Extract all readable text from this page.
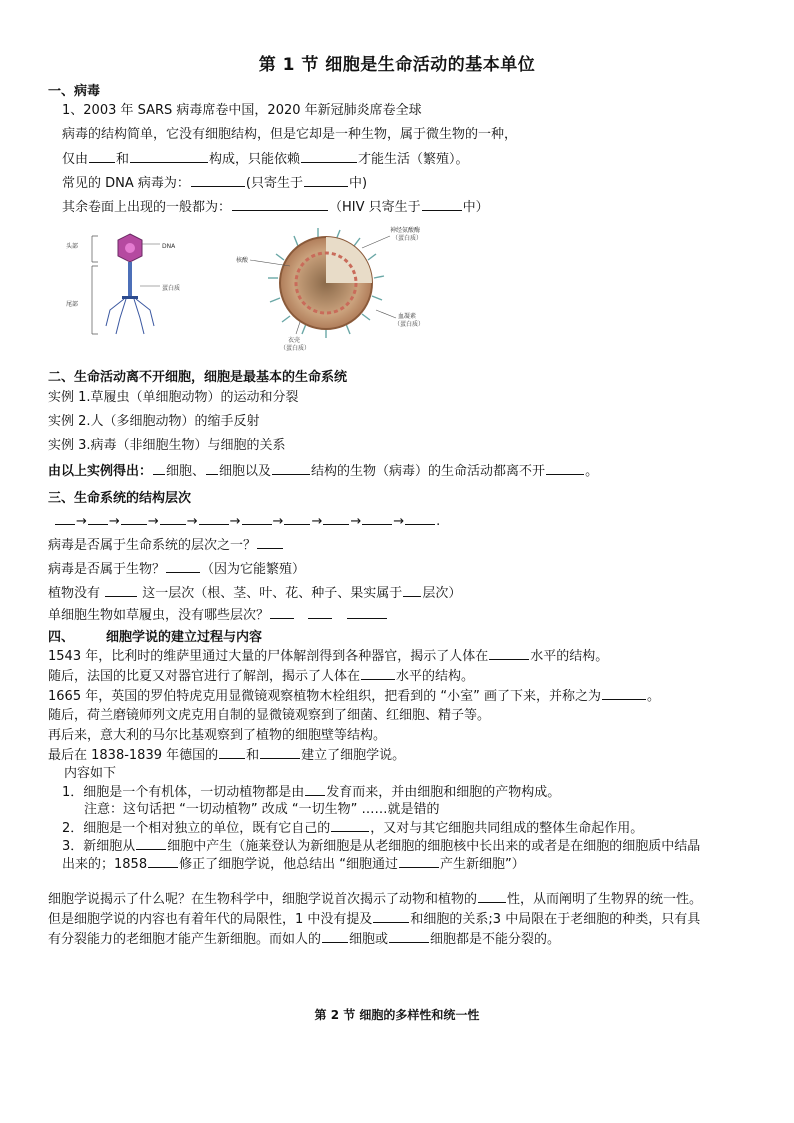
第 1 节 细胞是生命活动的基本单位
一、病毒
1、2003 年 SARS 病毒席卷中国，2020 年新冠肺炎席卷全球
病毒的结构简单，它没有细胞结构，但是它却是一种生物，属于微生物的一种，
仅由 和	构成，只能依赖	才能生活（繁殖）。
常见的 DNA 病毒为：	(只寄生于	中)
其余卷面上出现的一般都为：	（HIV 只寄生于	中）
头部
尾部
DNA
蛋白质
核酸
神经氨酸酶
（蛋白质）
血凝素
（蛋白质）
衣壳
（蛋白质）
二、生命活动离不开细胞，细胞是最基本的生命系统
实例 1.草履虫（单细胞动物）的运动和分裂
实例 2.人（多细胞动物）的缩手反射
实例 3.病毒（非细胞生物）与细胞的关系
由以上实例得出： 细胞、 细胞以及	结构的生物（病毒）的生命活动都离不开	。
三、生命系统的结构层次
→ → → → → → → → → .
病毒是否属于生命系统的层次之一？
病毒是否属于生物？	（因为它能繁殖）
植物没有	这一层次（根、茎、叶、花、种子、果实属于 层次）
单细胞生物如草履虫，没有哪些层次？
四、 细胞学说的建立过程与内容
1543 年，比利时的维萨里通过大量的尸体解剖得到各种器官，揭示了人体在	水平的结构。
随后，法国的比夏又对器官进行了解剖，揭示了人体在	水平的结构。
1665 年，英国的罗伯特虎克用显微镜观察植物木栓组织，把看到的 “小室” 画了下来，并称之为	。
随后，荷兰磨镜师列文虎克用自制的显微镜观察到了细菌、红细胞、精子等。
再后来，意大利的马尔比基观察到了植物的细胞壁等结构。
最后在 1838-1839 年德国的 和	建立了细胞学说。
内容如下
1．细胞是一个有机体，一切动植物都是由 发育而来，并由细胞和细胞的产物构成。
注意：这句话把 “一切动植物” 改成 “一切生物” ……就是错的
2．细胞是一个相对独立的单位，既有它自己的	，又对与其它细胞共同组成的整体生命起作用。
3．新细胞从 细胞中产生（施莱登认为新细胞是从老细胞的细胞核中长出来的或者是在细胞的细胞质中结晶
出来的；1858 修正了细胞学说，他总结出 “细胞通过	产生新细胞”）
细胞学说揭示了什么呢？在生物科学中，细胞学说首次揭示了动物和植物的 性，从而阐明了生物界的统一性。
但是细胞学说的内容也有着年代的局限性，1 中没有提及	和细胞的关系;3 中局限在于老细胞的种类，只有具
有分裂能力的老细胞才能产生新细胞。而如人的 细胞或	细胞都是不能分裂的。
第 2 节 细胞的多样性和统一性
